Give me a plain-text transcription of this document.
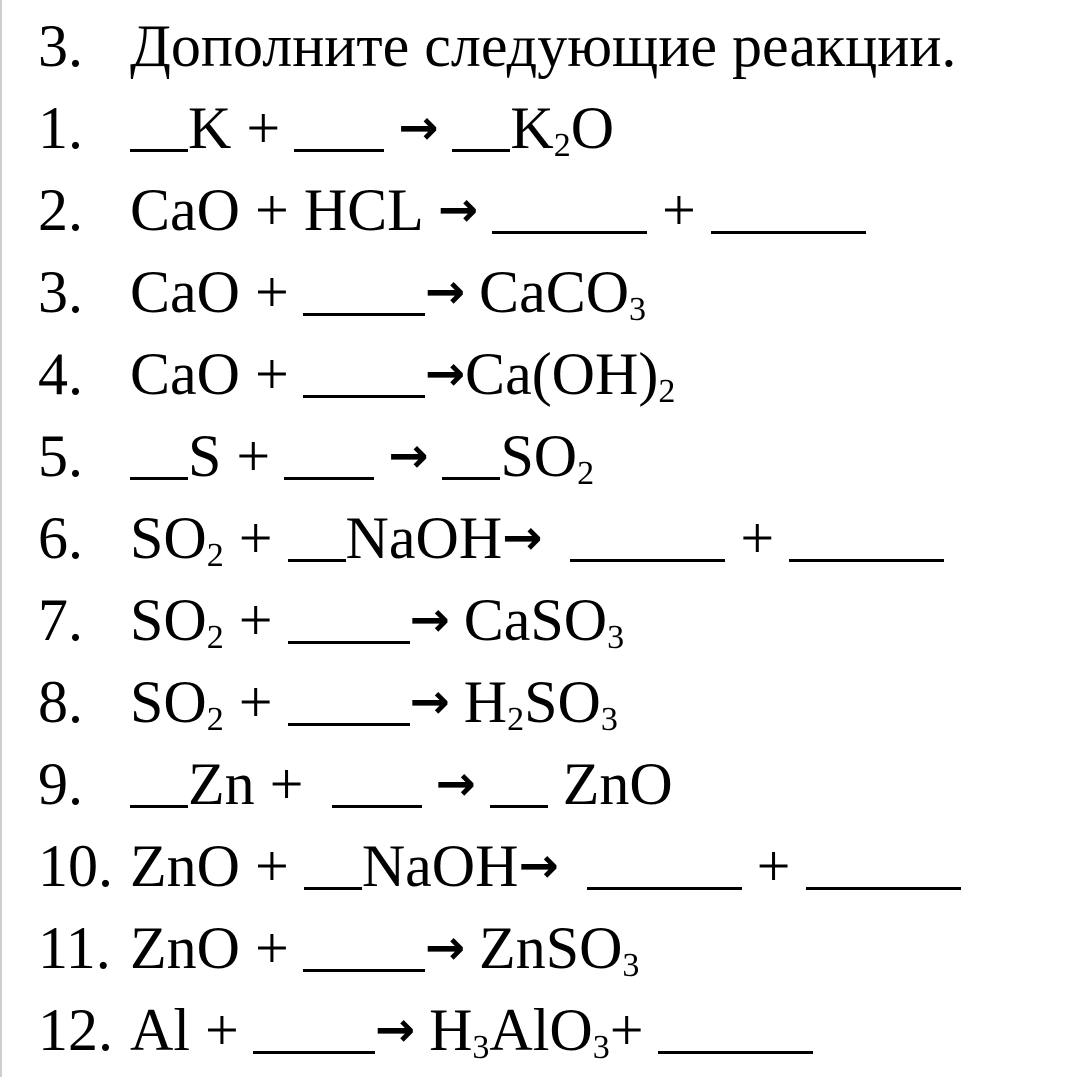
3. Дополните следующие реакции.
1. K + → $K_2O$
2. CaO + HCL →	+
3. CaO +	→ CaCO$_3$
4. CaO +	$\to Ca(OH)_2$
5. S + → $SO_2$
6. $SO_2$ + NaOH→	+
7. $SO_2$ +	→ CaSO$_3$
8. $SO_2$ +	→ $H_2SO_3$
9. Zn +	→ ZnO
10. ZnO + NaOH→	+
11. ZnO +	→ ZnSO$_3$
12. Al +	→ $H_3AlO_3+$
